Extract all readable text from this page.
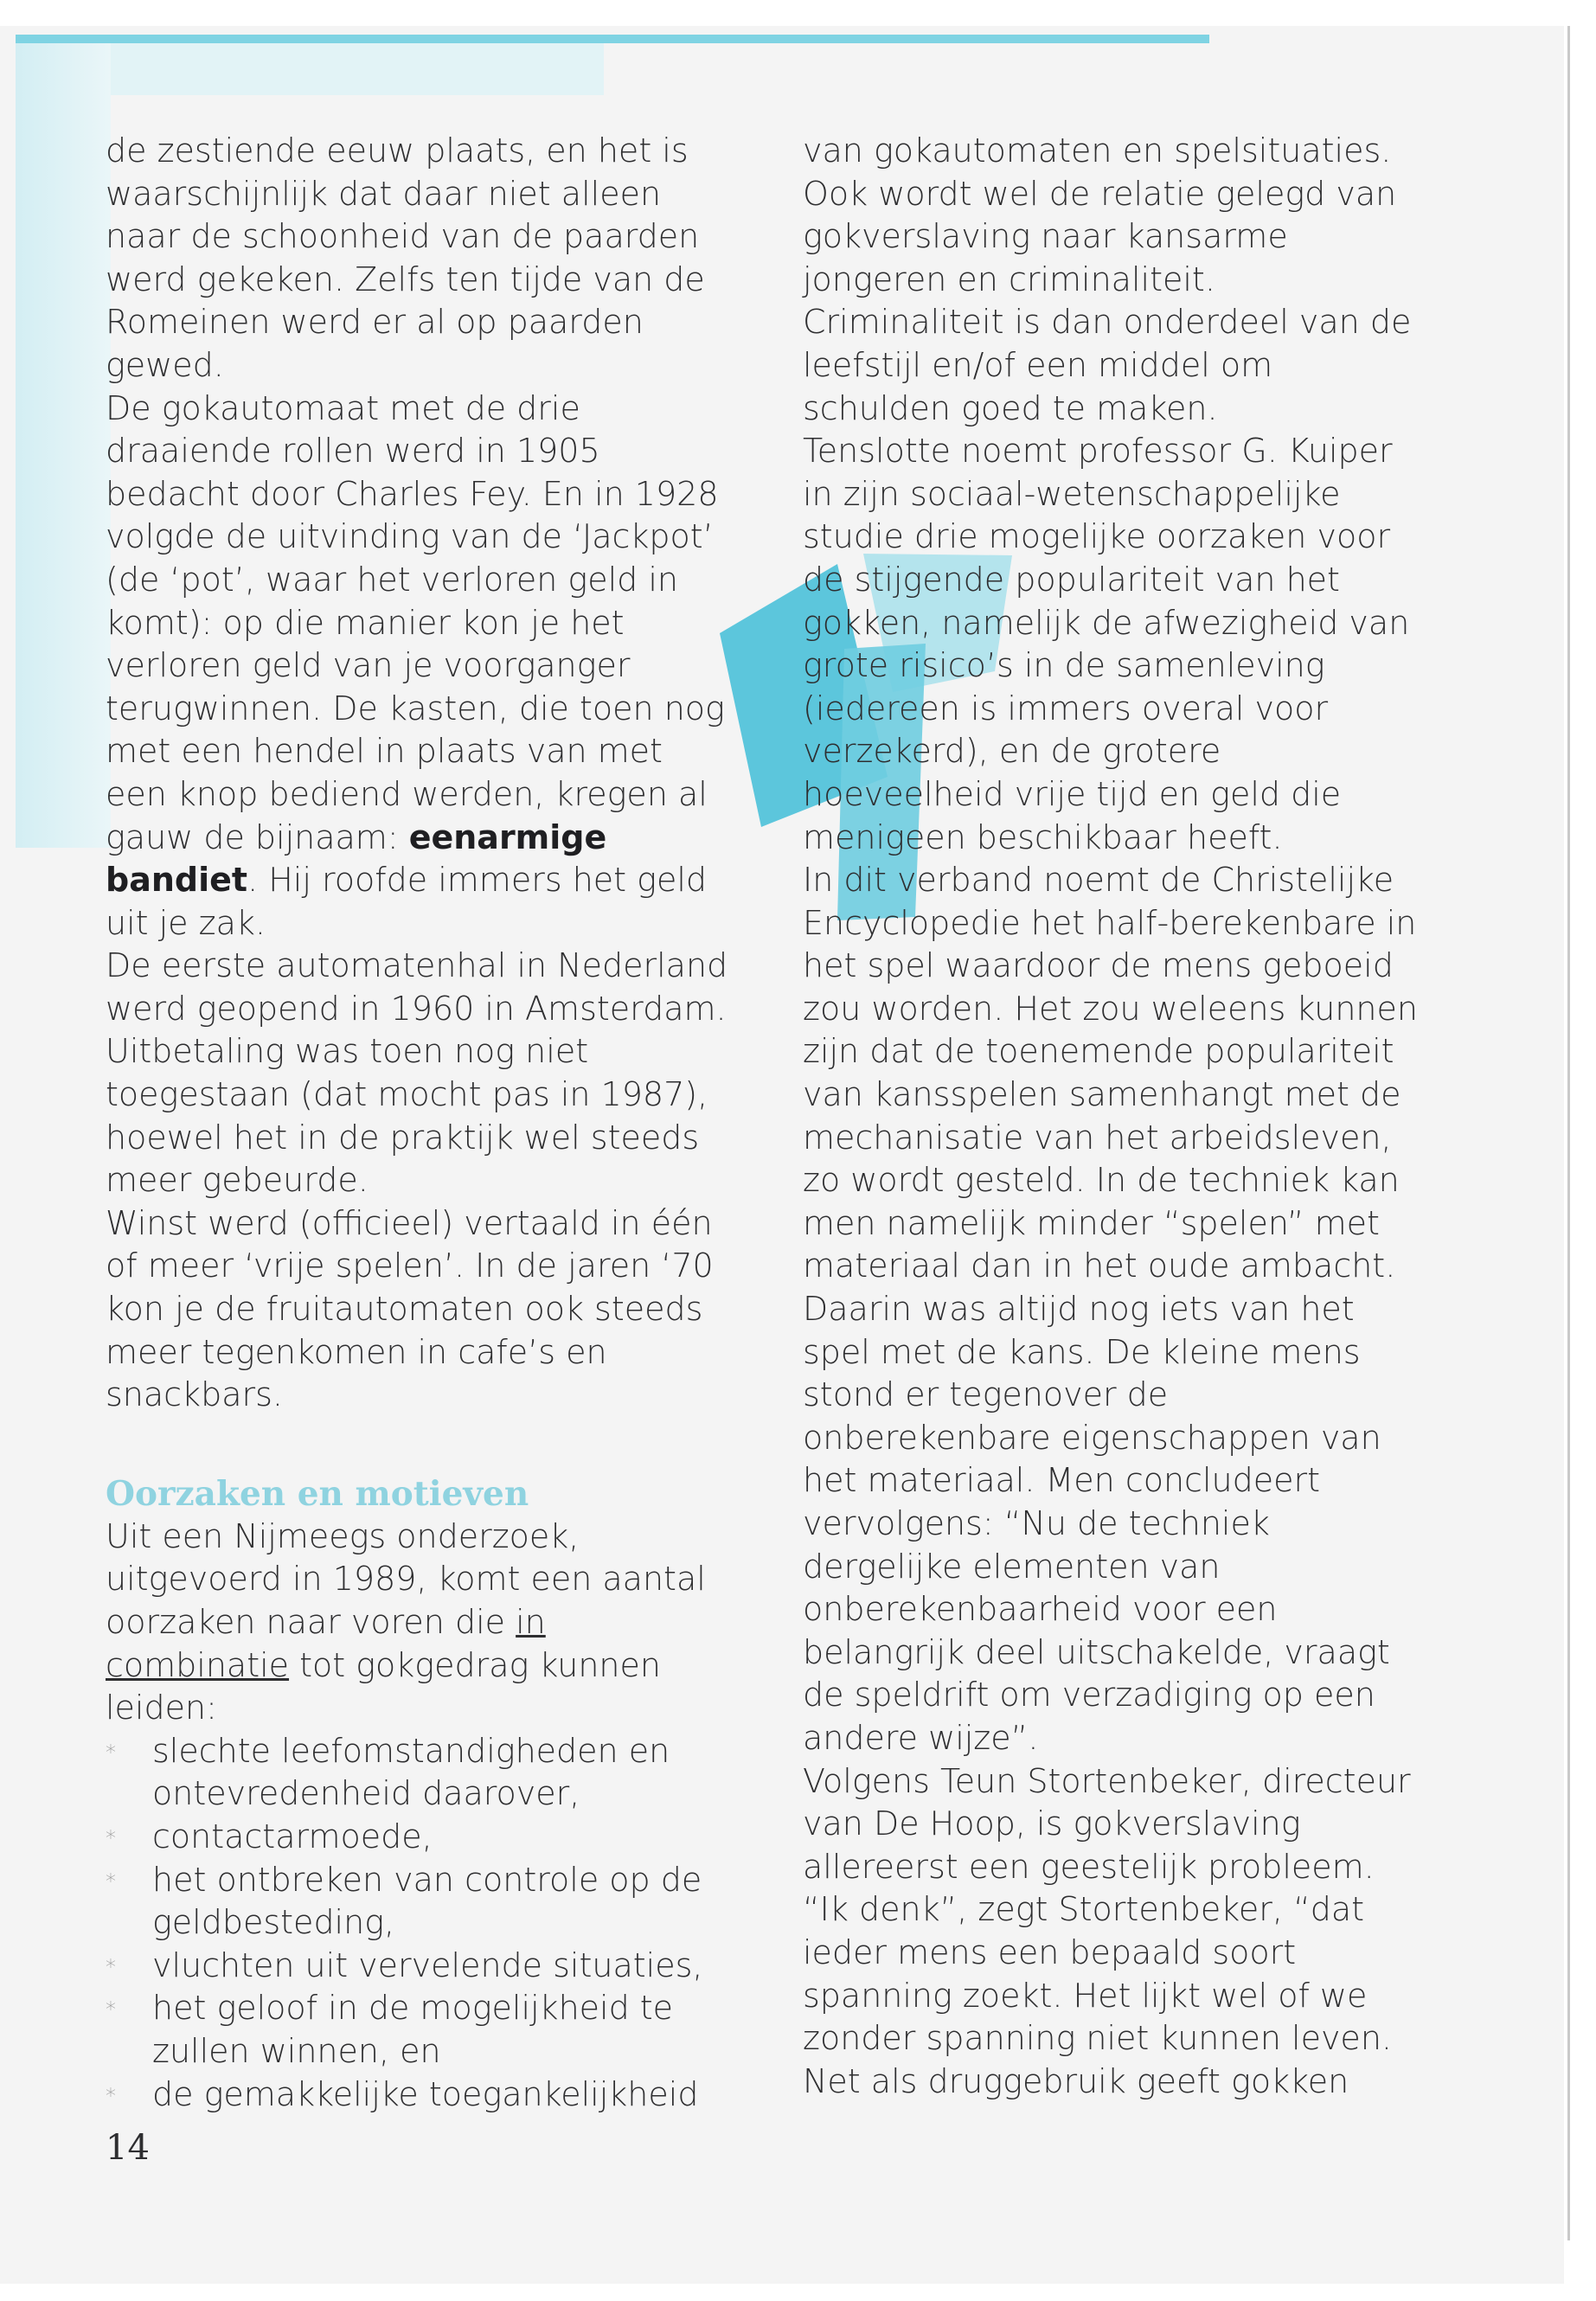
de zestiende eeuw plaats, en het is waarschijnlijk dat daar niet alleen naar de schoonheid van de paarden werd gekeken. Zelfs ten tijde van de Romeinen werd er al op paarden gewed.

De gokautomaat met de drie draaiende rollen werd in 1905 bedacht door Charles Fey. En in 1928 volgde de uitvinding van de ‘Jackpot’ (de ‘pot’, waar het verloren geld in komt): op die manier kon je het verloren geld van je voorganger terugwinnen. De kasten, die toen nog met een hendel in plaats van met een knop bediend werden, kregen al gauw de bijnaam: eenarmige bandiet. Hij roofde immers het geld uit je zak.

De eerste automatenhal in Nederland werd geopend in 1960 in Amsterdam.

Uitbetaling was toen nog niet toegestaan (dat mocht pas in 1987), hoewel het in de praktijk wel steeds meer gebeurde.

Winst werd (officieel) vertaald in één of meer ‘vrije spelen’. In de jaren ‘70 kon je de fruitautomaten ook steeds meer tegenkomen in cafe’s en snackbars.

Oorzaken en motieven

Uit een Nijmeegs onderzoek, uitgevoerd in 1989, komt een aantal oorzaken naar voren die in combinatie tot gokgedrag kunnen leiden:

* slechte leefomstandigheden en ontevredenheid daarover,
* contactarmoede,
* het ontbreken van controle op de geldbesteding,
* vluchten uit vervelende situaties,
* het geloof in de mogelijkheid te zullen winnen, en
* de gemakkelijke toegankelijkheid

van gokautomaten en spelsituaties.

Ook wordt wel de relatie gelegd van gokverslaving naar kansarme jongeren en criminaliteit. Criminaliteit is dan onderdeel van de leefstijl en/of een middel om schulden goed te maken.

Tenslotte noemt professor G. Kuiper in zijn sociaal-wetenschappelijke studie drie mogelijke oorzaken voor de stijgende populariteit van het gokken, namelijk de afwezigheid van grote risico’s in de samenleving (iedereen is immers overal voor verzekerd), en de grotere hoeveelheid vrije tijd en geld die menigeen beschikbaar heeft.

In dit verband noemt de Christelijke Encyclopedie het half-berekenbare in het spel waardoor de mens geboeid zou worden. Het zou weleens kunnen zijn dat de toenemende populariteit van kansspelen samenhangt met de mechanisatie van het arbeidsleven, zo wordt gesteld. In de techniek kan men namelijk minder “spelen” met materiaal dan in het oude ambacht. Daarin was altijd nog iets van het spel met de kans. De kleine mens stond er tegenover de onberekenbare eigenschappen van het materiaal. Men concludeert vervolgens: “Nu de techniek dergelijke elementen van onberekenbaarheid voor een belangrijk deel uitschakelde, vraagt de speldrift om verzadiging op een andere wijze”.

Volgens Teun Stortenbeker, directeur van De Hoop, is gokverslaving allereerst een geestelijk probleem. “Ik denk”, zegt Stortenbeker, “dat ieder mens een bepaald soort spanning zoekt. Het lijkt wel of we zonder spanning niet kunnen leven. Net als druggebruik geeft gokken

14
